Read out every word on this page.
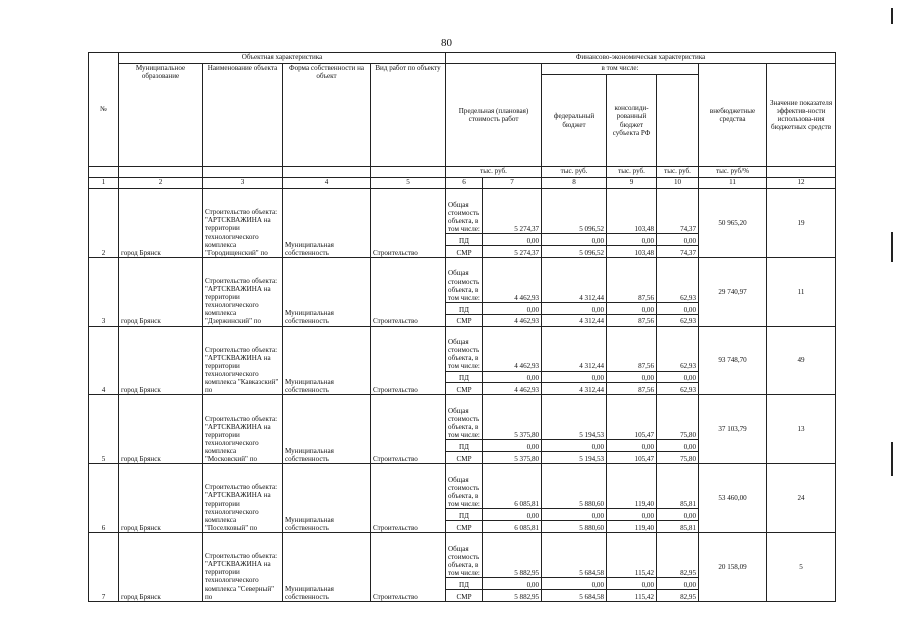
80
№	Объектная характеристика				Финансово-экономическая характеристика							
	Муниципальное образование	Наименование объекта	Форма собственности на объект	Вид работ по объекту	Предельная (плановая) стоимость работ		в том числе:			внебюджетные средства	Значение показателя эффектив-ности использова-ния бюджетных средств	
							федеральный бюджет	консолиди-рованный бюджет субъекта РФ				
					тыс. руб.		тыс. руб.	тыс. руб.	тыс. руб.	тыс. руб/%		
1	2	3	4	5	6	7	8	9	10	11	12	
2	город Брянск	Строительство объекта: "АРТСКВАЖИНА на территории технологического комплекса "Городищенский" по	Муниципальная собственность	Строительство	Общая стоимость объекта, в том числе:	5 274,37	5 096,52	103,48	74,37	50 965,20	19	
					ПД	0,00	0,00	0,00	0,00			
					СМР	5 274,37	5 096,52	103,48	74,37			
3	город Брянск	Строительство объекта: "АРТСКВАЖИНА на территории технологического комплекса "Дзержинский" по	Муниципальная собственность	Строительство	Общая стоимость объекта, в том числе:	4 462,93	4 312,44	87,56	62,93	29 740,97	11	
					ПД	0,00	0,00	0,00	0,00			
					СМР	4 462,93	4 312,44	87,56	62,93			
4	город Брянск	Строительство объекта: "АРТСКВАЖИНА на территории технологического комплекса "Кавказский" по	Муниципальная собственность	Строительство	Общая стоимость объекта, в том числе:	4 462,93	4 312,44	87,56	62,93	93 748,70	49	
					ПД	0,00	0,00	0,00	0,00			
					СМР	4 462,93	4 312,44	87,56	62,93			
5	город Брянск	Строительство объекта: "АРТСКВАЖИНА на территории технологического комплекса "Московский" по	Муниципальная собственность	Строительство	Общая стоимость объекта, в том числе:	5 375,80	5 194,53	105,47	75,80	37 103,79	13	
					ПД	0,00	0,00	0,00	0,00			
					СМР	5 375,80	5 194,53	105,47	75,80			
6	город Брянск	Строительство объекта: "АРТСКВАЖИНА на территории технологического комплекса "Поселковый" по	Муниципальная собственность	Строительство	Общая стоимость объекта, в том числе:	6 085,81	5 880,60	119,40	85,81	53 460,00	24	
					ПД	0,00	0,00	0,00	0,00			
					СМР	6 085,81	5 880,60	119,40	85,81			
7	город Брянск	Строительство объекта: "АРТСКВАЖИНА на территории технологического комплекса "Северный" по	Муниципальная собственность	Строительство	Общая стоимость объекта, в том числе:	5 882,95	5 684,58	115,42	82,95	20 158,09	5	
					ПД	0,00	0,00	0,00	0,00			
					СМР	5 882,95	5 684,58	115,42	82,95			
